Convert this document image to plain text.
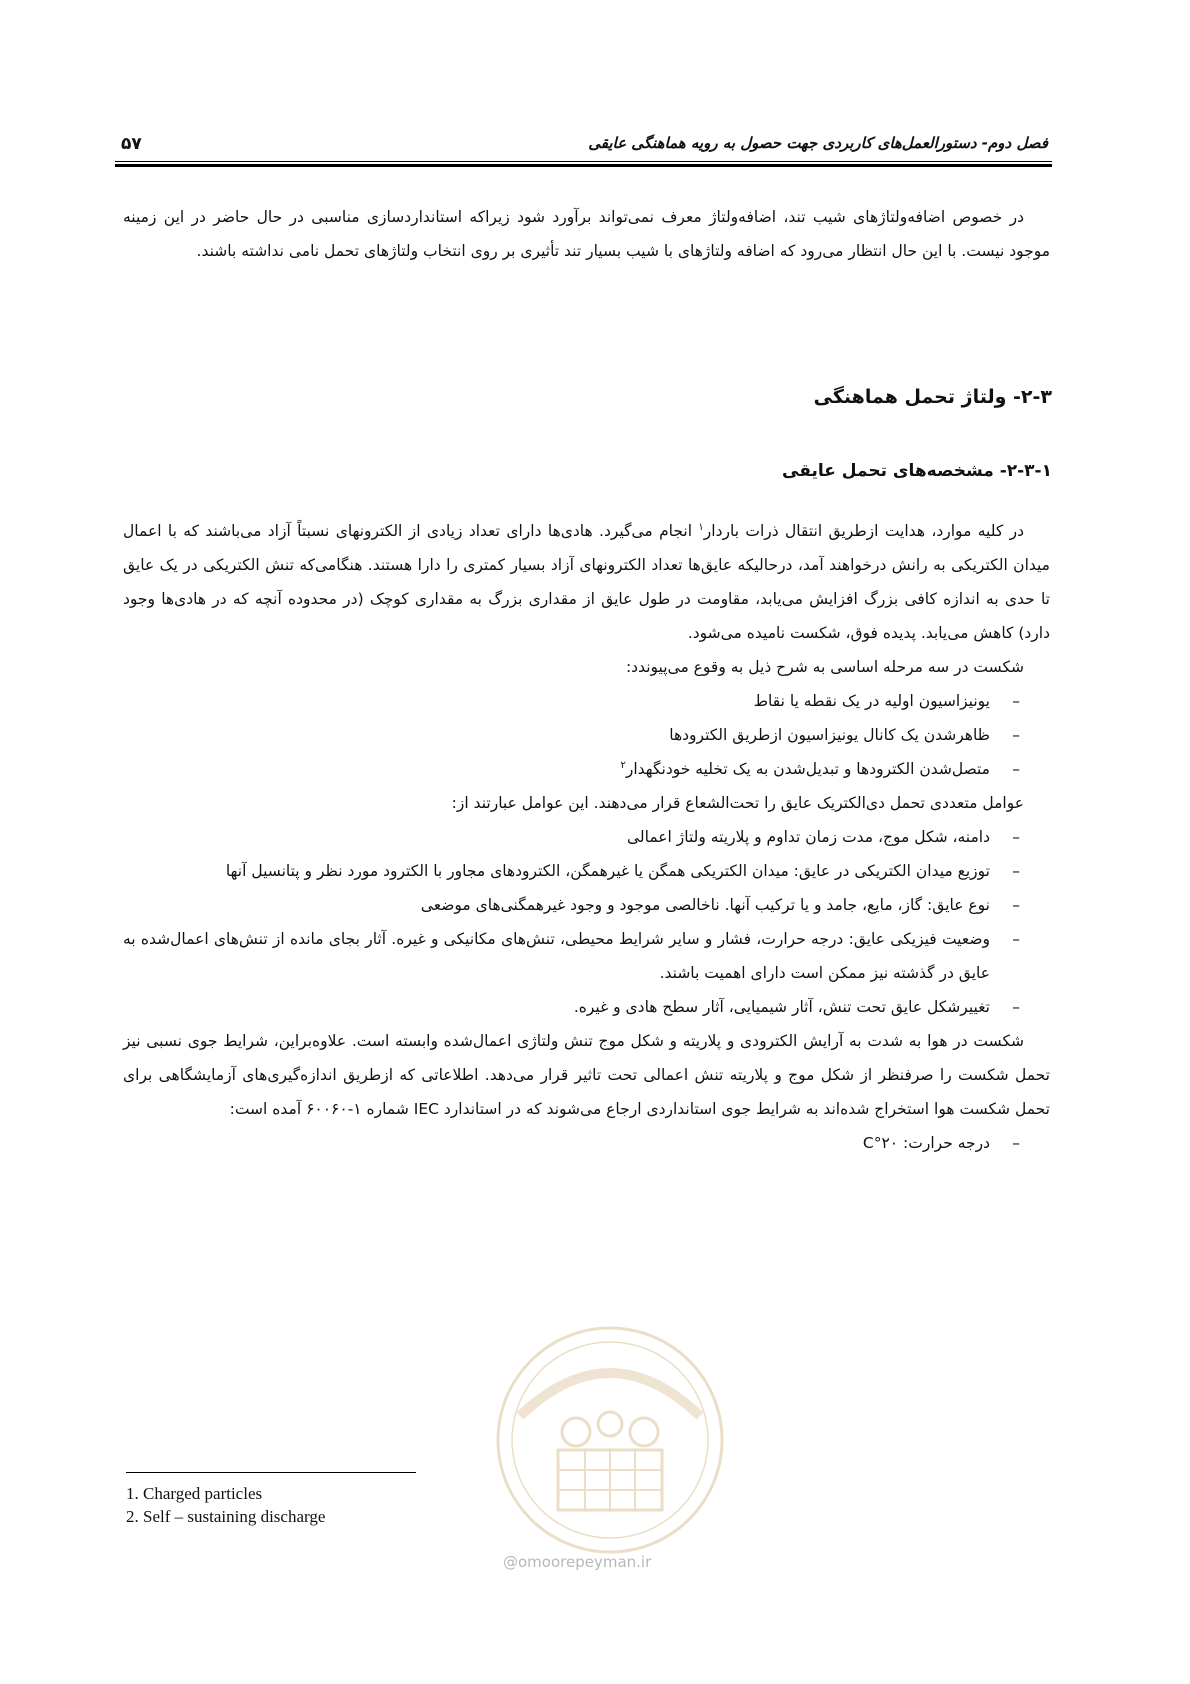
فصل دوم- دستورالعمل‌های کاربردی جهت حصول به رویه هماهنگی عایقی
۵۷

در خصوص اضافه‌ولتاژهای شیب تند، اضافه‌ولتاژ معرف نمی‌تواند برآورد شود زیراکه استانداردسازی مناسبی در حال حاضر در این زمینه موجود نیست. با این حال انتظار می‌رود که اضافه ولتاژهای با شیب بسیار تند تأثیری بر روی انتخاب ولتاژهای تحمل نامی نداشته باشند.

۲-۳- ولتاژ تحمل هماهنگی
۲-۳-۱- مشخصه‌های تحمل عایقی

در کلیه موارد، هدایت ازطریق انتقال ذرات باردار$^۱$ انجام می‌گیرد. هادی‌ها دارای تعداد زیادی از الکترونهای نسبتاً آزاد می‌باشند که با اعمال میدان الکتریکی به رانش درخواهند آمد، درحالیکه عایق‌ها تعداد الکترونهای آزاد بسیار کمتری را دارا هستند. هنگامی‌که تنش الکتریکی در یک عایق تا حدی به اندازه کافی بزرگ افزایش می‌یابد، مقاومت در طول عایق از مقداری بزرگ به مقداری کوچک (در محدوده آنچه که در هادی‌ها وجود دارد) کاهش می‌یابد. پدیده فوق، شکست نامیده می‌شود.

شکست در سه مرحله اساسی به شرح ذیل به وقوع می‌پیوندد:

– یونیزاسیون اولیه در یک نقطه یا نقاط
– ظاهرشدن یک کانال یونیزاسیون ازطریق الکترودها
– متصل‌شدن الکترودها و تبدیل‌شدن به یک تخلیه خودنگهدار$^۲$

عوامل متعددی تحمل دی‌الکتریک عایق را تحت‌الشعاع قرار می‌دهند. این عوامل عبارتند از:

– دامنه، شکل موج، مدت زمان تداوم و پلاریته ولتاژ اعمالی
– توزیع میدان الکتریکی در عایق: میدان الکتریکی همگن یا غیرهمگن، الکترودهای مجاور با الکترود مورد نظر و پتانسیل آنها
– نوع عایق: گاز، مایع، جامد و یا ترکیب آنها. ناخالصی موجود و وجود غیرهمگنی‌های موضعی
– وضعیت فیزیکی عایق: درجه حرارت، فشار و سایر شرایط محیطی، تنش‌های مکانیکی و غیره. آثار بجای مانده از تنش‌های اعمال‌شده به عایق در گذشته نیز ممکن است دارای اهمیت باشند.
– تغییرشکل عایق تحت تنش، آثار شیمیایی، آثار سطح هادی و غیره.

شکست در هوا به شدت به آرایش الکترودی و پلاریته و شکل موج تنش ولتاژی اعمال‌شده وابسته است. علاوه‌براین، شرایط جوی نسبی نیز تحمل شکست را صرفنظر از شکل موج و پلاریته تنش اعمالی تحت تاثیر قرار می‌دهد. اطلاعاتی که ازطریق اندازه‌گیری‌های آزمایشگاهی برای تحمل شکست هوا استخراج شده‌اند به شرایط جوی استانداردی ارجاع می‌شوند که در استاندارد IEC شماره ۱-۶۰۰۶۰ آمده است:

– درجه حرارت: C°۲۰
@omoorepeyman.ir
1. Charged particles
2. Self – sustaining discharge
